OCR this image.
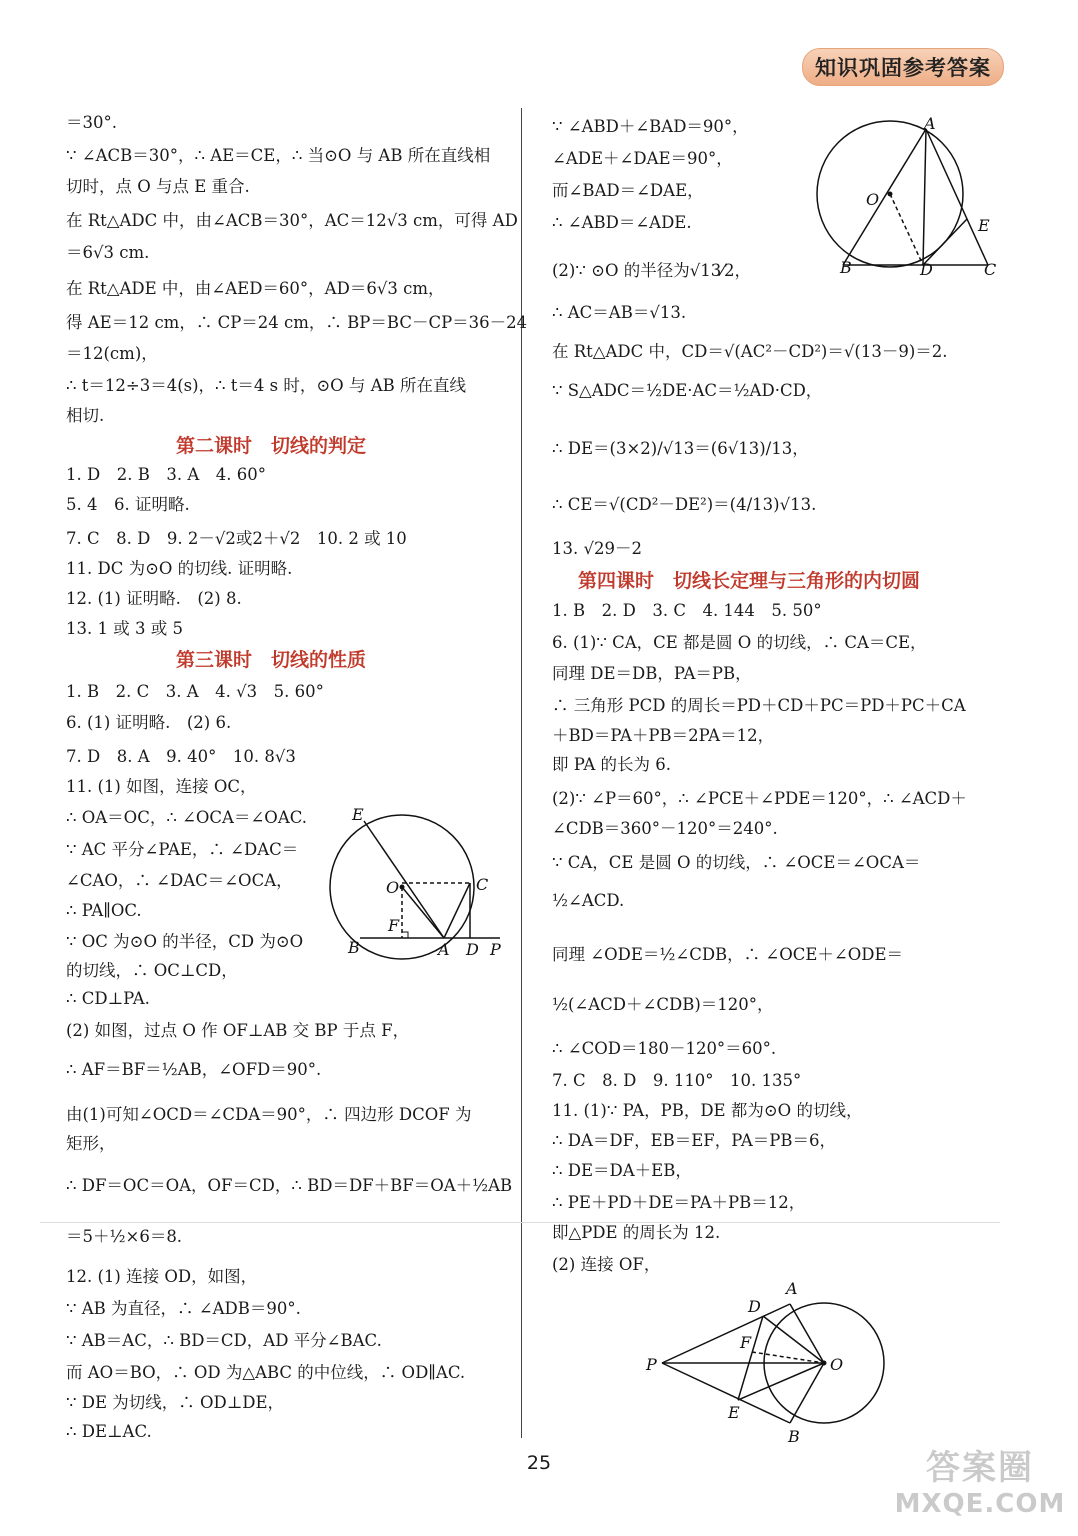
知识巩固参考答案
＝30°.
∵ ∠ACB＝30°，∴ AE＝CE，∴ 当⊙O 与 AB 所在直线相
切时，点 O 与点 E 重合.
在 Rt△ADC 中，由∠ACB＝30°，AC＝12√3 cm，可得 AD
＝6√3 cm.
在 Rt△ADE 中，由∠AED＝60°，AD＝6√3 cm，
得 AE＝12 cm，∴ CP＝24 cm，∴ BP＝BC－CP＝36－24
＝12(cm)，
∴ t＝12÷3＝4(s)，∴ t＝4 s 时，⊙O 与 AB 所在直线
相切.
第二课时　切线的判定
1. D　2. B　3. A　4. 60°
5. 4　6. 证明略.
7. C　8. D　9. 2－√2或2＋√2　10. 2 或 10
11. DC 为⊙O 的切线. 证明略.
12. (1) 证明略.　(2) 8.
13. 1 或 3 或 5
第三课时　切线的性质
1. B　2. C　3. A　4. √3　5. 60°
6. (1) 证明略.　(2) 6.
7. D　8. A　9. 40°　10. 8√3
11. (1) 如图，连接 OC，
∴ OA＝OC，∴ ∠OCA＝∠OAC.
∵ AC 平分∠PAE，∴ ∠DAC＝
∠CAO，∴ ∠DAC＝∠OCA，
∴ PA∥OC.
∵ OC 为⊙O 的半径，CD 为⊙O
的切线，∴ OC⊥CD，
∴ CD⊥PA.
(2) 如图，过点 O 作 OF⊥AB 交 BP 于点 F，
∴ AF＝BF＝½AB，∠OFD＝90°.
由(1)可知∠OCD＝∠CDA＝90°，∴ 四边形 DCOF 为
矩形，
∴ DF＝OC＝OA，OF＝CD，∴ BD＝DF＋BF＝OA＋½AB
＝5＋½×6＝8.
12. (1) 连接 OD，如图，
∵ AB 为直径，∴ ∠ADB＝90°.
∵ AB＝AC，∴ BD＝CD，AD 平分∠BAC.
而 AO＝BO，∴ OD 为△ABC 的中位线，∴ OD∥AC.
∵ DE 为切线，∴ OD⊥DE，
∴ DE⊥AC.
E
O	C
F
B	A D P
∵ ∠ABD＋∠BAD＝90°，
∠ADE＋∠DAE＝90°，
而∠BAD＝∠DAE，
∴ ∠ABD＝∠ADE.
(2)∵ ⊙O 的半径为√13⁄2，
∴ AC＝AB＝√13.
在 Rt△ADC 中，CD＝√(AC²－CD²)＝√(13－9)＝2.
∵ S△ADC＝½DE·AC＝½AD·CD，
∴ DE＝(3×2)/√13＝(6√13)/13，
∴ CE＝√(CD²－DE²)＝(4/13)√13.
13. √29－2
第四课时　切线长定理与三角形的内切圆
1. B　2. D　3. C　4. 144　5. 50°
6. (1)∵ CA，CE 都是圆 O 的切线，∴ CA＝CE，
同理 DE＝DB，PA＝PB，
∴ 三角形 PCD 的周长＝PD＋CD＋PC＝PD＋PC＋CA
＋BD＝PA＋PB＝2PA＝12，
即 PA 的长为 6.
(2)∵ ∠P＝60°，∴ ∠PCE＋∠PDE＝120°，∴ ∠ACD＋
∠CDB＝360°－120°＝240°.
∵ CA，CE 是圆 O 的切线，∴ ∠OCE＝∠OCA＝
½∠ACD.
同理 ∠ODE＝½∠CDB，∴ ∠OCE＋∠ODE＝
½(∠ACD＋∠CDB)＝120°，
∴ ∠COD＝180－120°＝60°.
7. C　8. D　9. 110°　10. 135°
11. (1)∵ PA，PB，DE 都为⊙O 的切线，
∴ DA＝DF，EB＝EF，PA＝PB＝6，
∴ DE＝DA＋EB，
∴ PE＋PD＋DE＝PA＋PB＝12，
即△PDE 的周长为 12.
(2) 连接 OF，
A
O
E
B	D	C
A
D
F
P	O
E
B
25	答案圈
MXQE.COM
